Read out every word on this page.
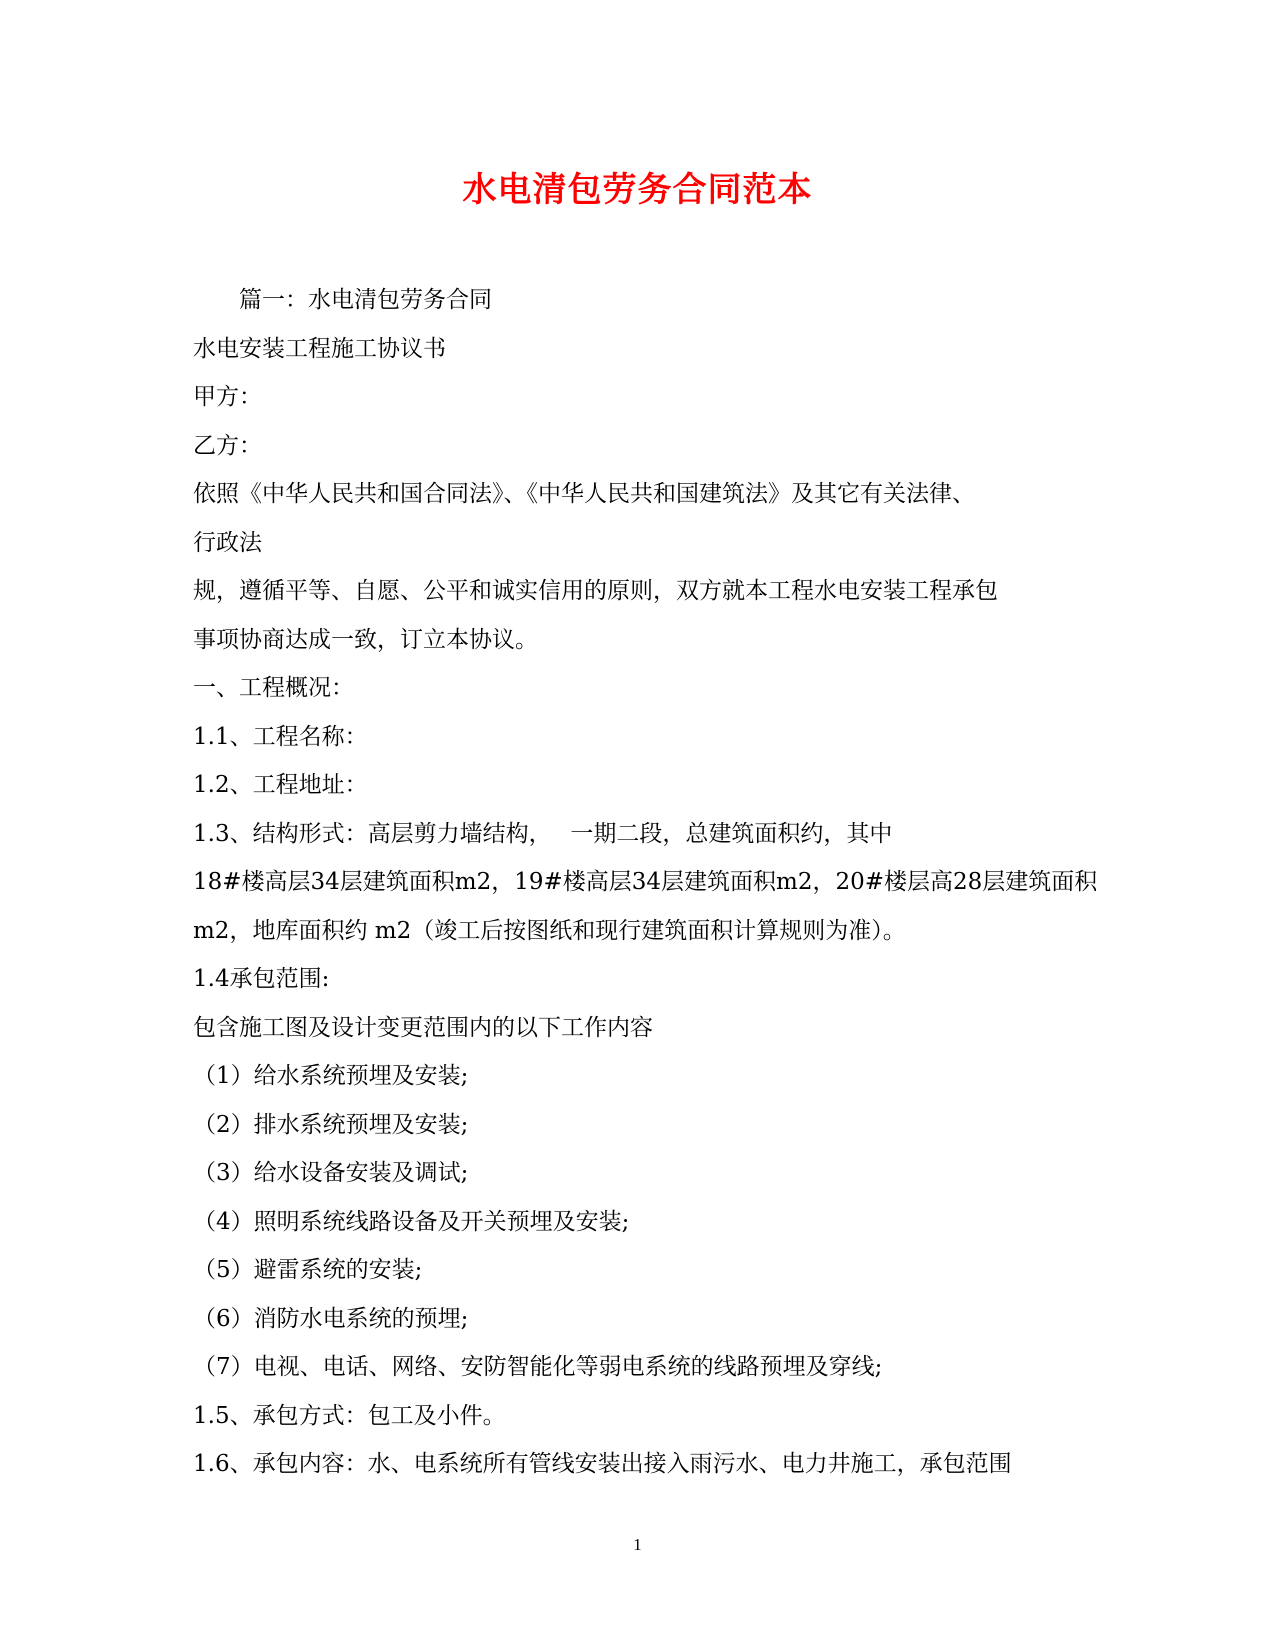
水电清包劳务合同范本

篇一：水电清包劳务合同

水电安装工程施工协议书

甲方：

乙方：

依照《中华人民共和国合同法》、《中华人民共和国建筑法》及其它有关法律、

行政法

规，遵循平等、自愿、公平和诚实信用的原则，双方就本工程水电安装工程承包

事项协商达成一致，订立本协议。

一、工程概况：

1.1、工程名称：

1.2、工程地址：

1.3、结构形式：高层剪力墙结构，　 一期二段，总建筑面积约，其中

18#楼高层34层建筑面积m2，19#楼高层34层建筑面积m2，20#楼层高28层建筑面积

m2，地库面积约 m2（竣工后按图纸和现行建筑面积计算规则为准）。

1.4承包范围:

包含施工图及设计变更范围内的以下工作内容

（1）给水系统预埋及安装;

（2）排水系统预埋及安装;

（3）给水设备安装及调试;

（4）照明系统线路设备及开关预埋及安装;

（5）避雷系统的安装;

（6）消防水电系统的预埋;

（7）电视、电话、网络、安防智能化等弱电系统的线路预埋及穿线;

1.5、承包方式：包工及小件。

1.6、承包内容：水、电系统所有管线安装出接入雨污水、电力井施工，承包范围

1
